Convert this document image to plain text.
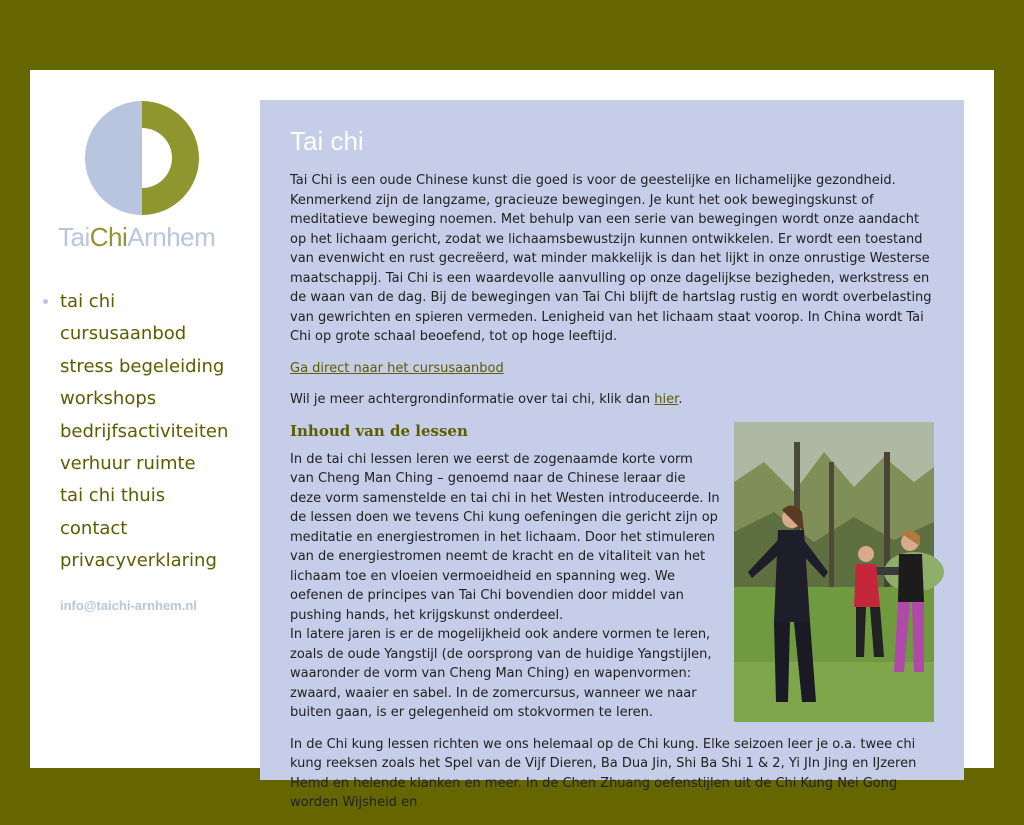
TaiChiArnhem
tai chi
cursusaanbod
stress begeleiding
workshops
bedrijfsactiviteiten
verhuur ruimte
tai chi thuis
contact
privacyverklaring
info@taichi-arnhem.nl
Tai chi

Tai Chi is een oude Chinese kunst die goed is voor de geestelijke en lichamelijke gezondheid. Kenmerkend zijn de langzame, gracieuze bewegingen. Je kunt het ook bewegingskunst of meditatieve beweging noemen. Met behulp van een serie van bewegingen wordt onze aandacht op het lichaam gericht, zodat we lichaamsbewustzijn kunnen ontwikkelen. Er wordt een toestand van evenwicht en rust gecreëerd, wat minder makkelijk is dan het lijkt in onze onrustige Westerse maatschappij. Tai Chi is een waardevolle aanvulling op onze dagelijkse bezigheden, werkstress en de waan van de dag. Bij de bewegingen van Tai Chi blijft de hartslag rustig en wordt overbelasting van gewrichten en spieren vermeden. Lenigheid van het lichaam staat voorop. In China wordt Tai Chi op grote schaal beoefend, tot op hoge leeftijd.

Ga direct naar het cursusaanbod

Wil je meer achtergrondinformatie over tai chi, klik dan hier.

Inhoud van de lessen

In de tai chi lessen leren we eerst de zogenaamde korte vorm van Cheng Man Ching – genoemd naar de Chinese leraar die deze vorm samenstelde en tai chi in het Westen introduceerde. In de lessen doen we tevens Chi kung oefeningen die gericht zijn op meditatie en energiestromen in het lichaam. Door het stimuleren van de energiestromen neemt de kracht en de vitaliteit van het lichaam toe en vloeien vermoeidheid en spanning weg. We oefenen de principes van Tai Chi bovendien door middel van pushing hands, het krijgskunst onderdeel.

In latere jaren is er de mogelijkheid ook andere vormen te leren, zoals de oude Yangstijl (de oorsprong van de huidige Yangstijlen, waaronder de vorm van Cheng Man Ching) en wapenvormen: zwaard, waaier en sabel. In de zomercursus, wanneer we naar buiten gaan, is er gelegenheid om stokvormen te leren.

In de Chi kung lessen richten we ons helemaal op de Chi kung. Elke seizoen leer je o.a. twee chi kung reeksen zoals het Spel van de Vijf Dieren, Ba Dua Jin, Shi Ba Shi 1 & 2, Yi JIn Jing en IJzeren Hemd en helende klanken en meer. In de Chen Zhuang oefenstijlen uit de Chi Kung Nei Gong worden Wijsheid en
